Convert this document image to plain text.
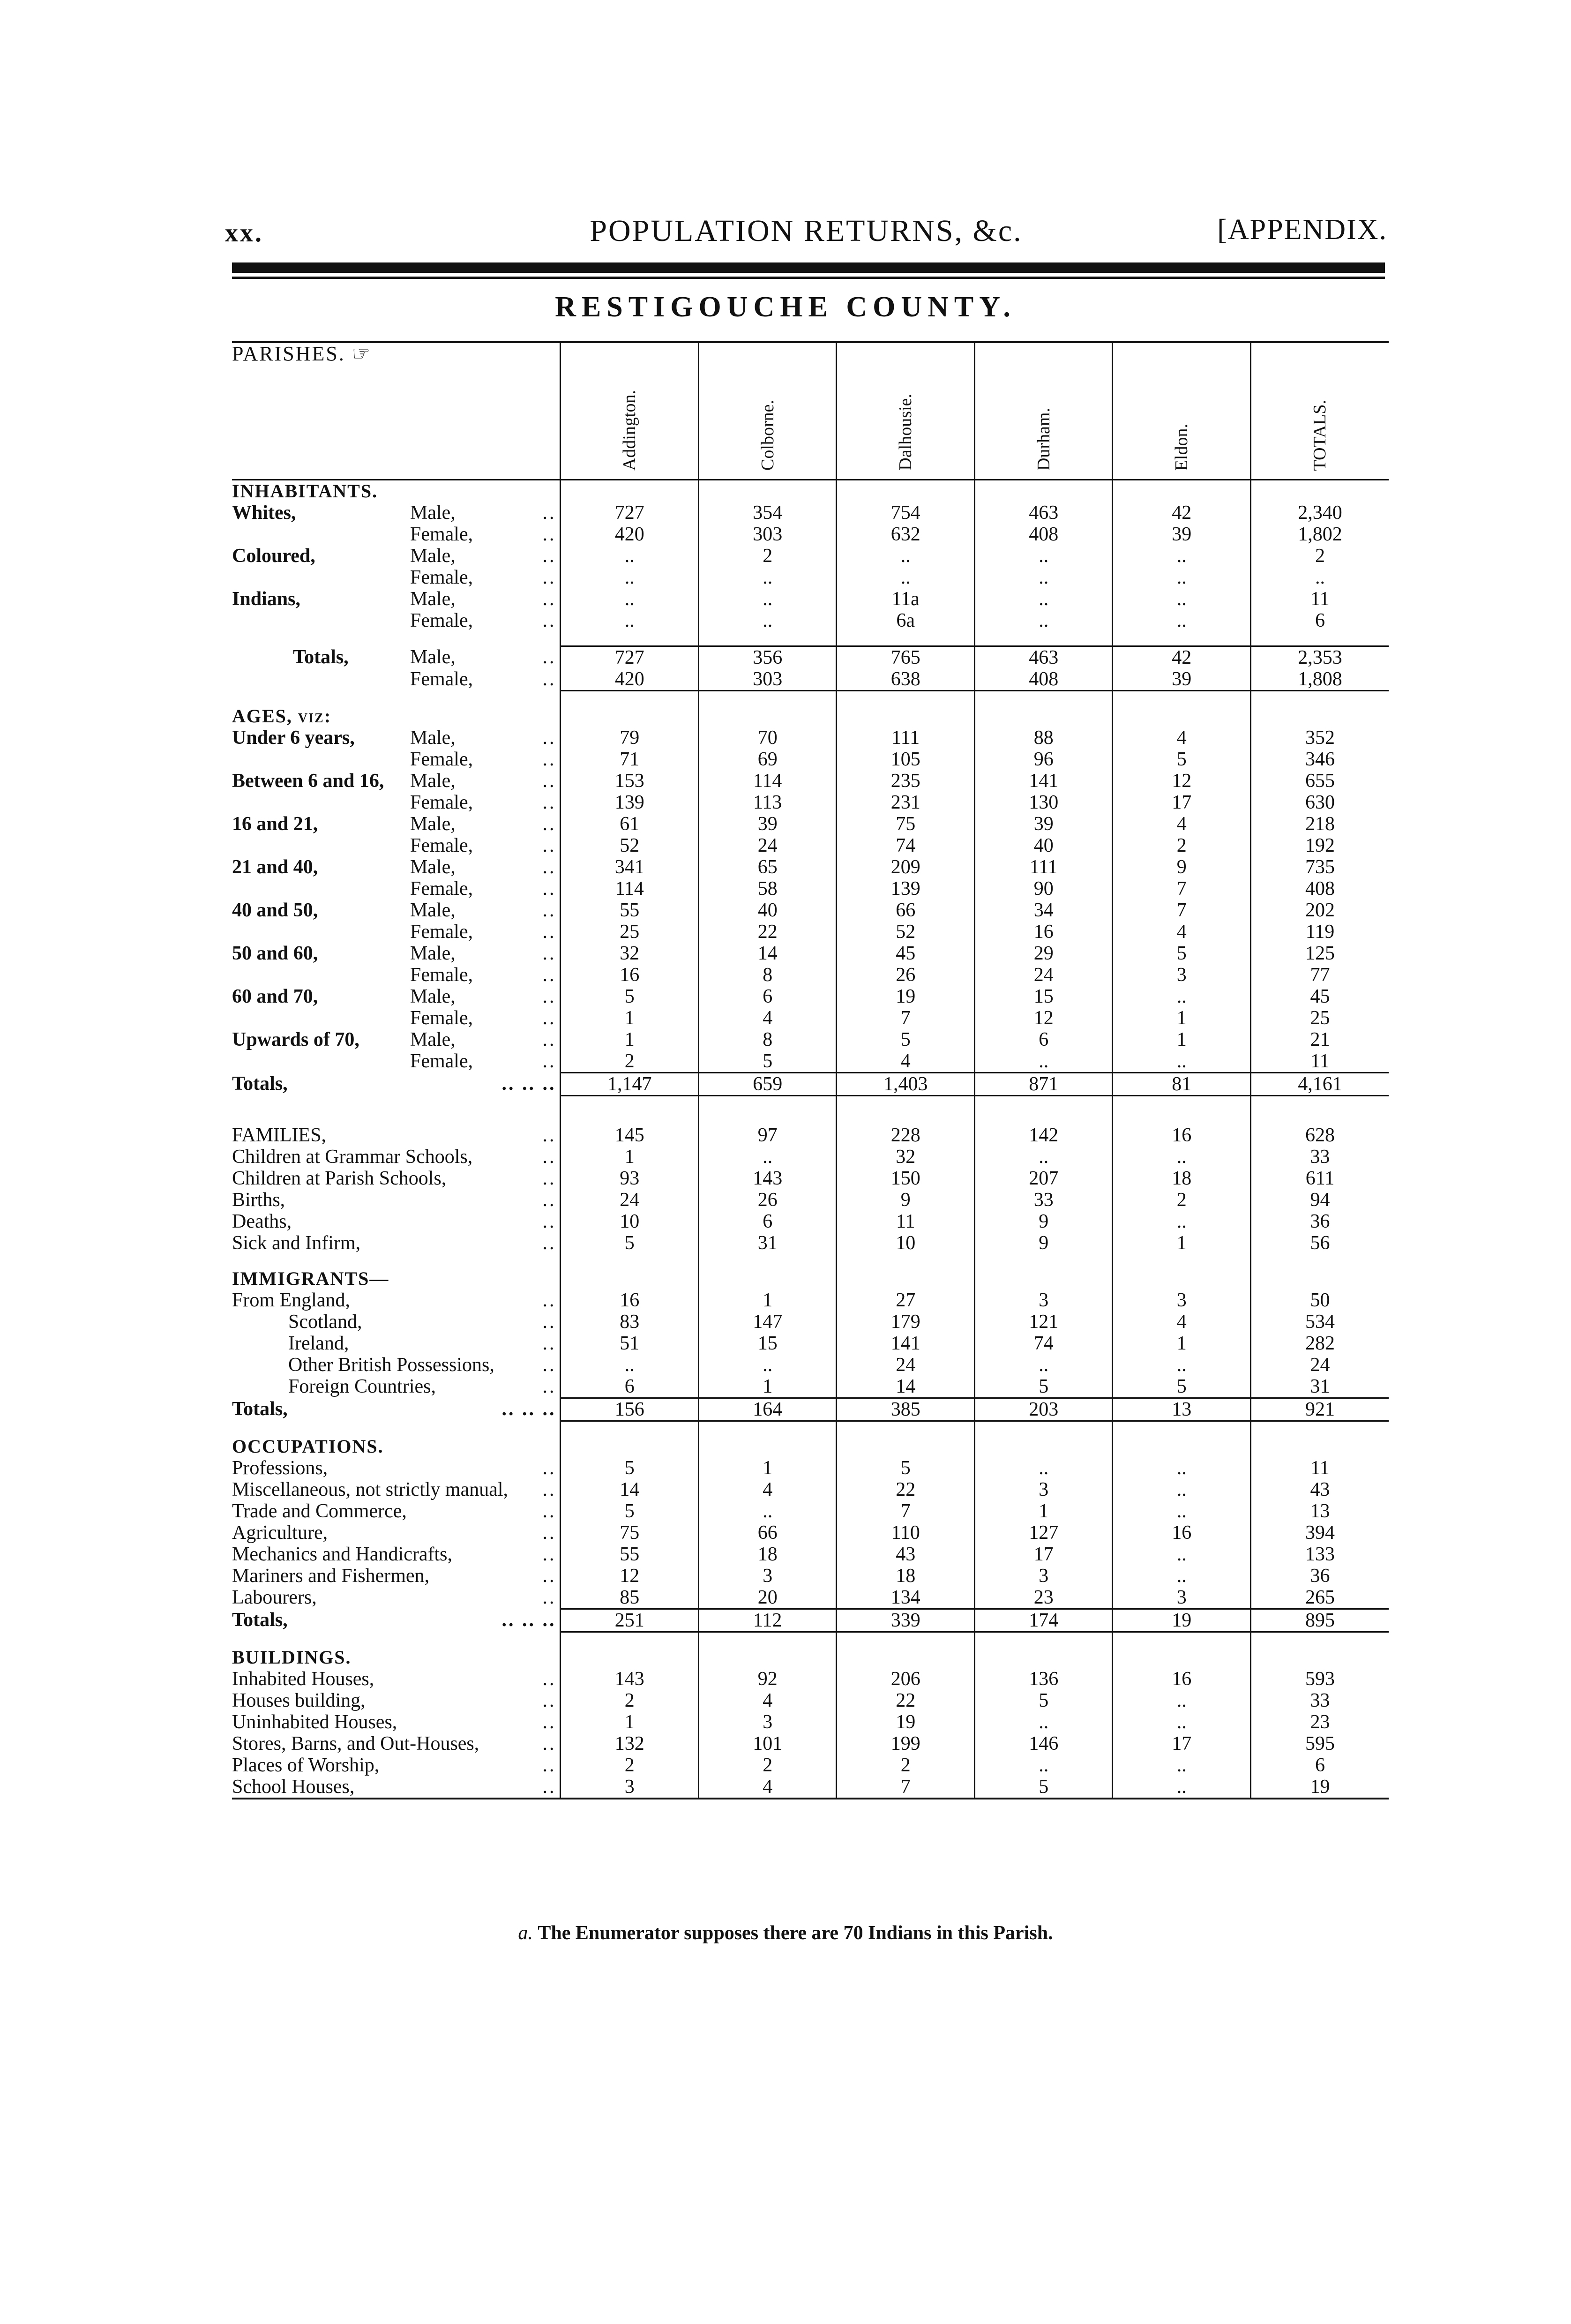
xx.	POPULATION RETURNS, &c.	[APPENDIX.
RESTIGOUCHE COUNTY.
PARISHES. ☞	Addington.	Colborne.	Dalhousie.	Durham.	Eldon.	TOTALS.

INHABITANTS.						
Whites, Male, ..	727	354	754	463	42	2,340
Female, ..	420	303	632	408	39	1,802
Coloured, Male, ..	..	2	..	..	..	2
Female, ..	..	..	..	..	..	..
Indians, Male, ..	..	..	11a	..	..	11
Female, ..	..	..	6a	..	..	6

Totals, Male, ..	727	356	765	463	42	2,353
Female, ..	420	303	638	408	39	1,808

AGES, viz:						
Under 6 years, Male, ..	79	70	111	88	4	352
Female, ..	71	69	105	96	5	346
Between 6 and 16, Male, ..	153	114	235	141	12	655
Female, ..	139	113	231	130	17	630
16 and 21, Male, ..	61	39	75	39	4	218
Female, ..	52	24	74	40	2	192
21 and 40, Male, ..	341	65	209	111	9	735
Female, ..	114	58	139	90	7	408
40 and 50, Male, ..	55	40	66	34	7	202
Female, ..	25	22	52	16	4	119
50 and 60, Male, ..	32	14	45	29	5	125
Female, ..	16	8	26	24	3	77
60 and 70, Male, ..	5	6	19	15	..	45
Female, ..	1	4	7	12	1	25
Upwards of 70, Male, ..	1	8	5	6	1	21
Female, ..	2	5	4	..	..	11
Totals, .. .. ..	1,147	659	1,403	871	81	4,161

FAMILIES, ..	145	97	228	142	16	628
Children at Grammar Schools, ..	1	..	32	..	..	33
Children at Parish Schools, ..	93	143	150	207	18	611
Births, ..	24	26	9	33	2	94
Deaths, ..	10	6	11	9	..	36
Sick and Infirm, ..	5	31	10	9	1	56

IMMIGRANTS—						
From England, ..	16	1	27	3	3	50
Scotland, ..	83	147	179	121	4	534
Ireland, ..	51	15	141	74	1	282
Other British Possessions, ..	..	..	24	..	..	24
Foreign Countries, ..	6	1	14	5	5	31
Totals, .. .. ..	156	164	385	203	13	921

OCCUPATIONS.						
Professions, ..	5	1	5	..	..	11
Miscellaneous, not strictly manual, ..	14	4	22	3	..	43
Trade and Commerce, ..	5	..	7	1	..	13
Agriculture, ..	75	66	110	127	16	394
Mechanics and Handicrafts, ..	55	18	43	17	..	133
Mariners and Fishermen, ..	12	3	18	3	..	36
Labourers, ..	85	20	134	23	3	265
Totals, .. .. ..	251	112	339	174	19	895

BUILDINGS.						
Inhabited Houses, ..	143	92	206	136	16	593
Houses building, ..	2	4	22	5	..	33
Uninhabited Houses, ..	1	3	19	..	..	23
Stores, Barns, and Out-Houses, ..	132	101	199	146	17	595
Places of Worship, ..	2	2	2	..	..	6
School Houses, ..	3	4	7	5	..	19
a. The Enumerator supposes there are 70 Indians in this Parish.
